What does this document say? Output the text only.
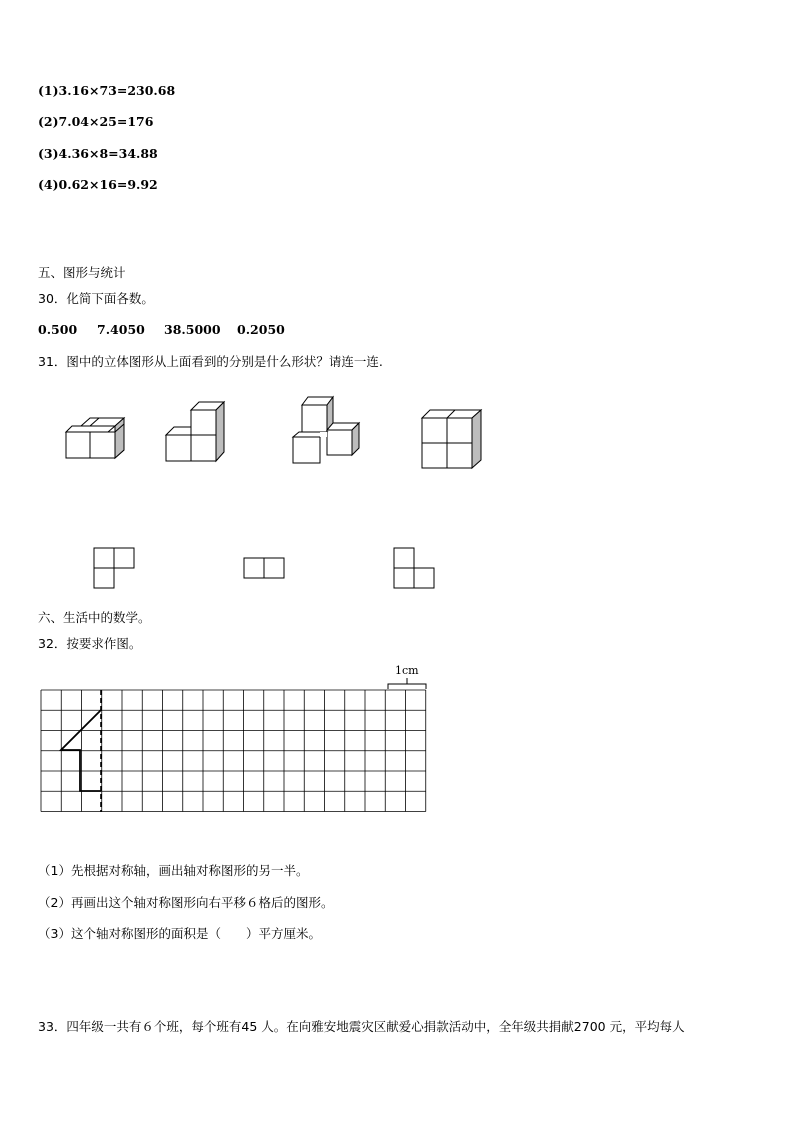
(1)3.16×73=230.68
(2)7.04×25=176
(3)4.36×8=34.88
(4)0.62×16=9.92
五、图形与统计
30．化简下面各数。
0.500 7.4050 38.5000 0.2050
31．图中的立体图形从上面看到的分别是什么形状？请连一连.
六、生活中的数学。
32．按要求作图。
1cm
（1）先根据对称轴，画出轴对称图形的另一半。
（2）再画出这个轴对称图形向右平移６格后的图形。
（3）这个轴对称图形的面积是（　　）平方厘米。
33．四年级一共有６个班，每个班有45 人。在向雅安地震灾区献爱心捐款活动中，全年级共捐献2700 元，平均每人
